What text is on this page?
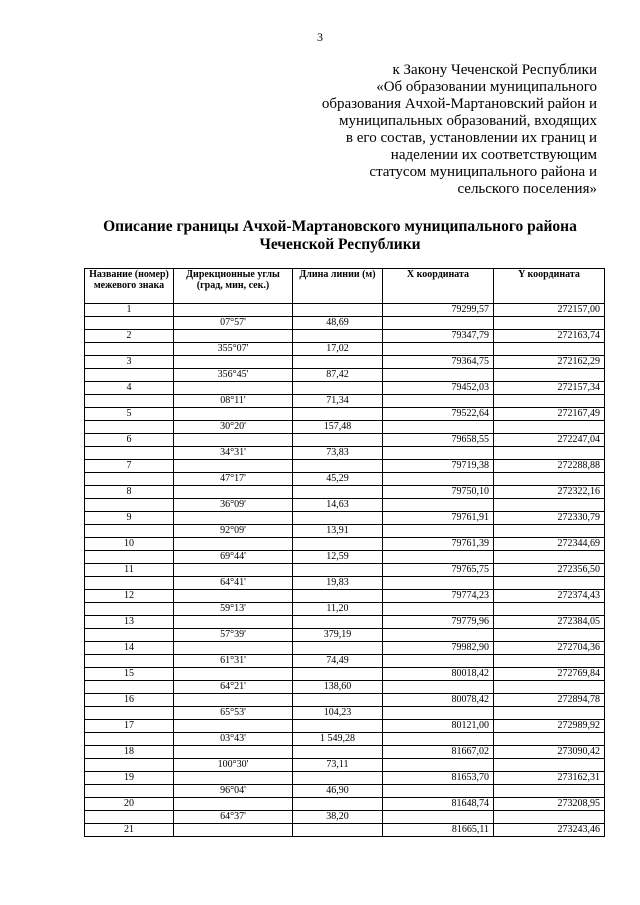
3
к Закону Чеченской Республики
«Об образовании муниципального
образования Ачхой-Мартановский район и
муниципальных образований, входящих
в его состав, установлении их границ и
наделении их соответствующим
статусом муниципального района и
сельского поселения»
Описание границы Ачхой-Мартановского муниципального района
Чеченской Республики
Название (номер) межевого знака	Дирекционные углы (град, мин, сек.)	Длина линии (м)	X координата	Y координата
1			79299,57	272157,00
	07°57'	48,69		
2			79347,79	272163,74
	355°07'	17,02		
3			79364,75	272162,29
	356°45'	87,42		
4			79452,03	272157,34
	08°11'	71,34		
5			79522,64	272167,49
	30°20'	157,48		
6			79658,55	272247,04
	34°31'	73,83		
7			79719,38	272288,88
	47°17'	45,29		
8			79750,10	272322,16
	36°09'	14,63		
9			79761,91	272330,79
	92°09'	13,91		
10			79761,39	272344,69
	69°44'	12,59		
11			79765,75	272356,50
	64°41'	19,83		
12			79774,23	272374,43
	59°13'	11,20		
13			79779,96	272384,05
	57°39'	379,19		
14			79982,90	272704,36
	61°31'	74,49		
15			80018,42	272769,84
	64°21'	138,60		
16			80078,42	272894,78
	65°53'	104,23		
17			80121,00	272989,92
	03°43'	1 549,28		
18			81667,02	273090,42
	100°30'	73,11		
19			81653,70	273162,31
	96°04'	46,90		
20			81648,74	273208,95
	64°37'	38,20		
21			81665,11	273243,46
